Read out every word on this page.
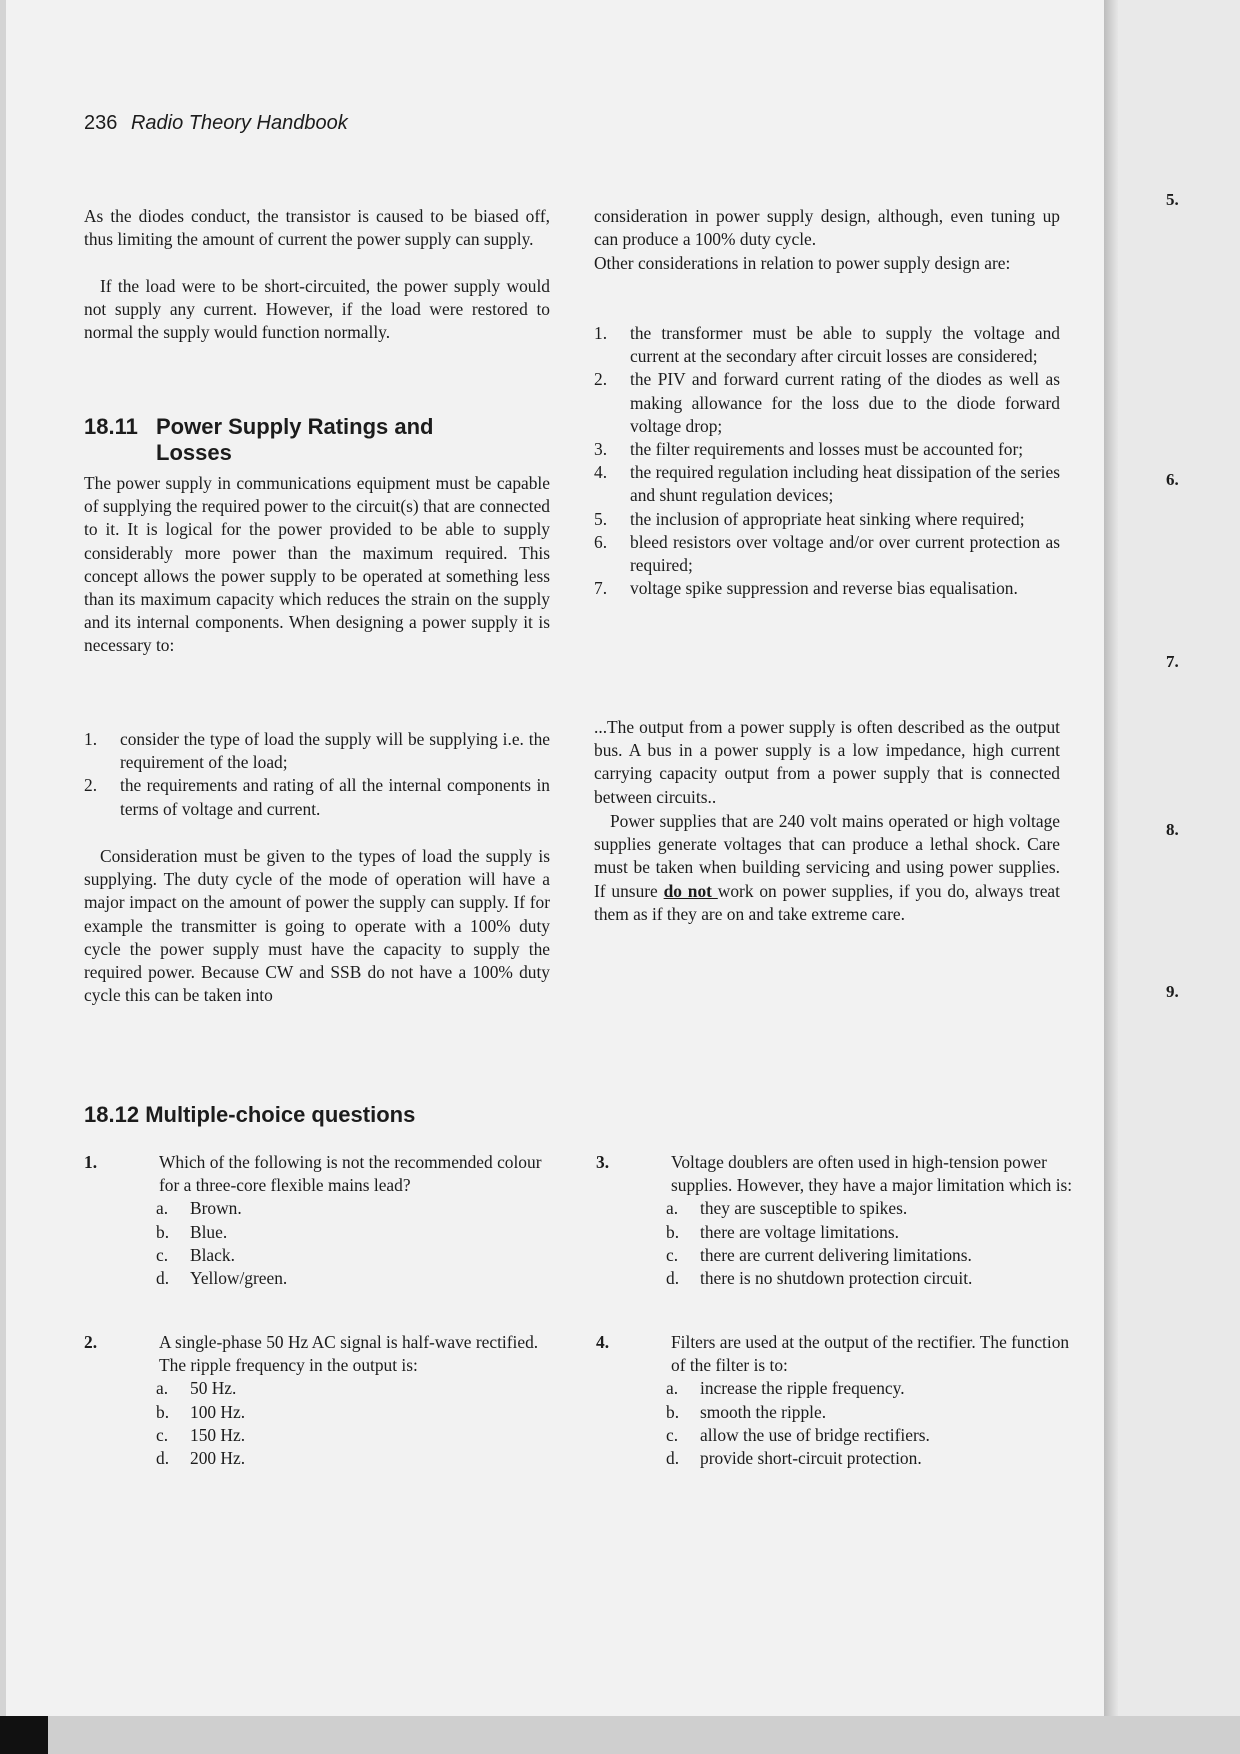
5.
6.
7.
8.
9.
236 Radio Theory Handbook

As the diodes conduct, the transistor is caused to be biased off, thus limiting the amount of current the power supply can supply.

If the load were to be short-circuited, the power supply would not supply any current. However, if the load were restored to normal the supply would function normally.

18.11 Power Supply Ratings and
Losses

The power supply in communications equipment must be capable of supplying the required power to the circuit(s) that are connected to it. It is logical for the power provided to be able to supply considerably more power than the maximum required. This concept allows the power supply to be operated at something less than its maximum capacity which reduces the strain on the supply and its internal components. When designing a power supply it is necessary to:

1. consider the type of load the supply will be supplying i.e. the requirement of the load;
2. the requirements and rating of all the internal components in terms of voltage and current.

Consideration must be given to the types of load the supply is supplying. The duty cycle of the mode of operation will have a major impact on the amount of power the supply can supply. If for example the transmitter is going to operate with a 100% duty cycle the power supply must have the capacity to supply the required power. Because CW and SSB do not have a 100% duty cycle this can be taken into

consideration in power supply design, although, even tuning up can produce a 100% duty cycle.

Other considerations in relation to power supply design are:

1. the transformer must be able to supply the voltage and current at the secondary after circuit losses are considered;
2. the PIV and forward current rating of the diodes as well as making allowance for the loss due to the diode forward voltage drop;
3. the filter requirements and losses must be accounted for;
4. the required regulation including heat dissipation of the series and shunt regulation devices;
5. the inclusion of appropriate heat sinking where required;
6. bleed resistors over voltage and/or over current protection as required;
7. voltage spike suppression and reverse bias equalisation.

...The output from a power supply is often described as the output bus. A bus in a power supply is a low impedance, high current carrying capacity output from a power supply that is connected between circuits..

Power supplies that are 240 volt mains operated or high voltage supplies generate voltages that can produce a lethal shock. Care must be taken when building servicing and using power supplies. If unsure do not work on power supplies, if you do, always treat them as if they are on and take extreme care.

18.12 Multiple-choice questions
1.	Which of the following is not the recommended colour for a three-core flexible mains lead?
a. Brown.
b. Blue.
c. Black.
d. Yellow/green.
2.	A single-phase 50 Hz AC signal is half-wave rectified. The ripple frequency in the output is:
a. 50 Hz.
b. 100 Hz.
c. 150 Hz.
d. 200 Hz.
3.	Voltage doublers are often used in high-tension power supplies. However, they have a major limitation which is:
a. they are susceptible to spikes.
b. there are voltage limitations.
c. there are current delivering limitations.
d. there is no shutdown protection circuit.
4.	Filters are used at the output of the rectifier. The function of the filter is to:
a. increase the ripple frequency.
b. smooth the ripple.
c. allow the use of bridge rectifiers.
d. provide short-circuit protection.
